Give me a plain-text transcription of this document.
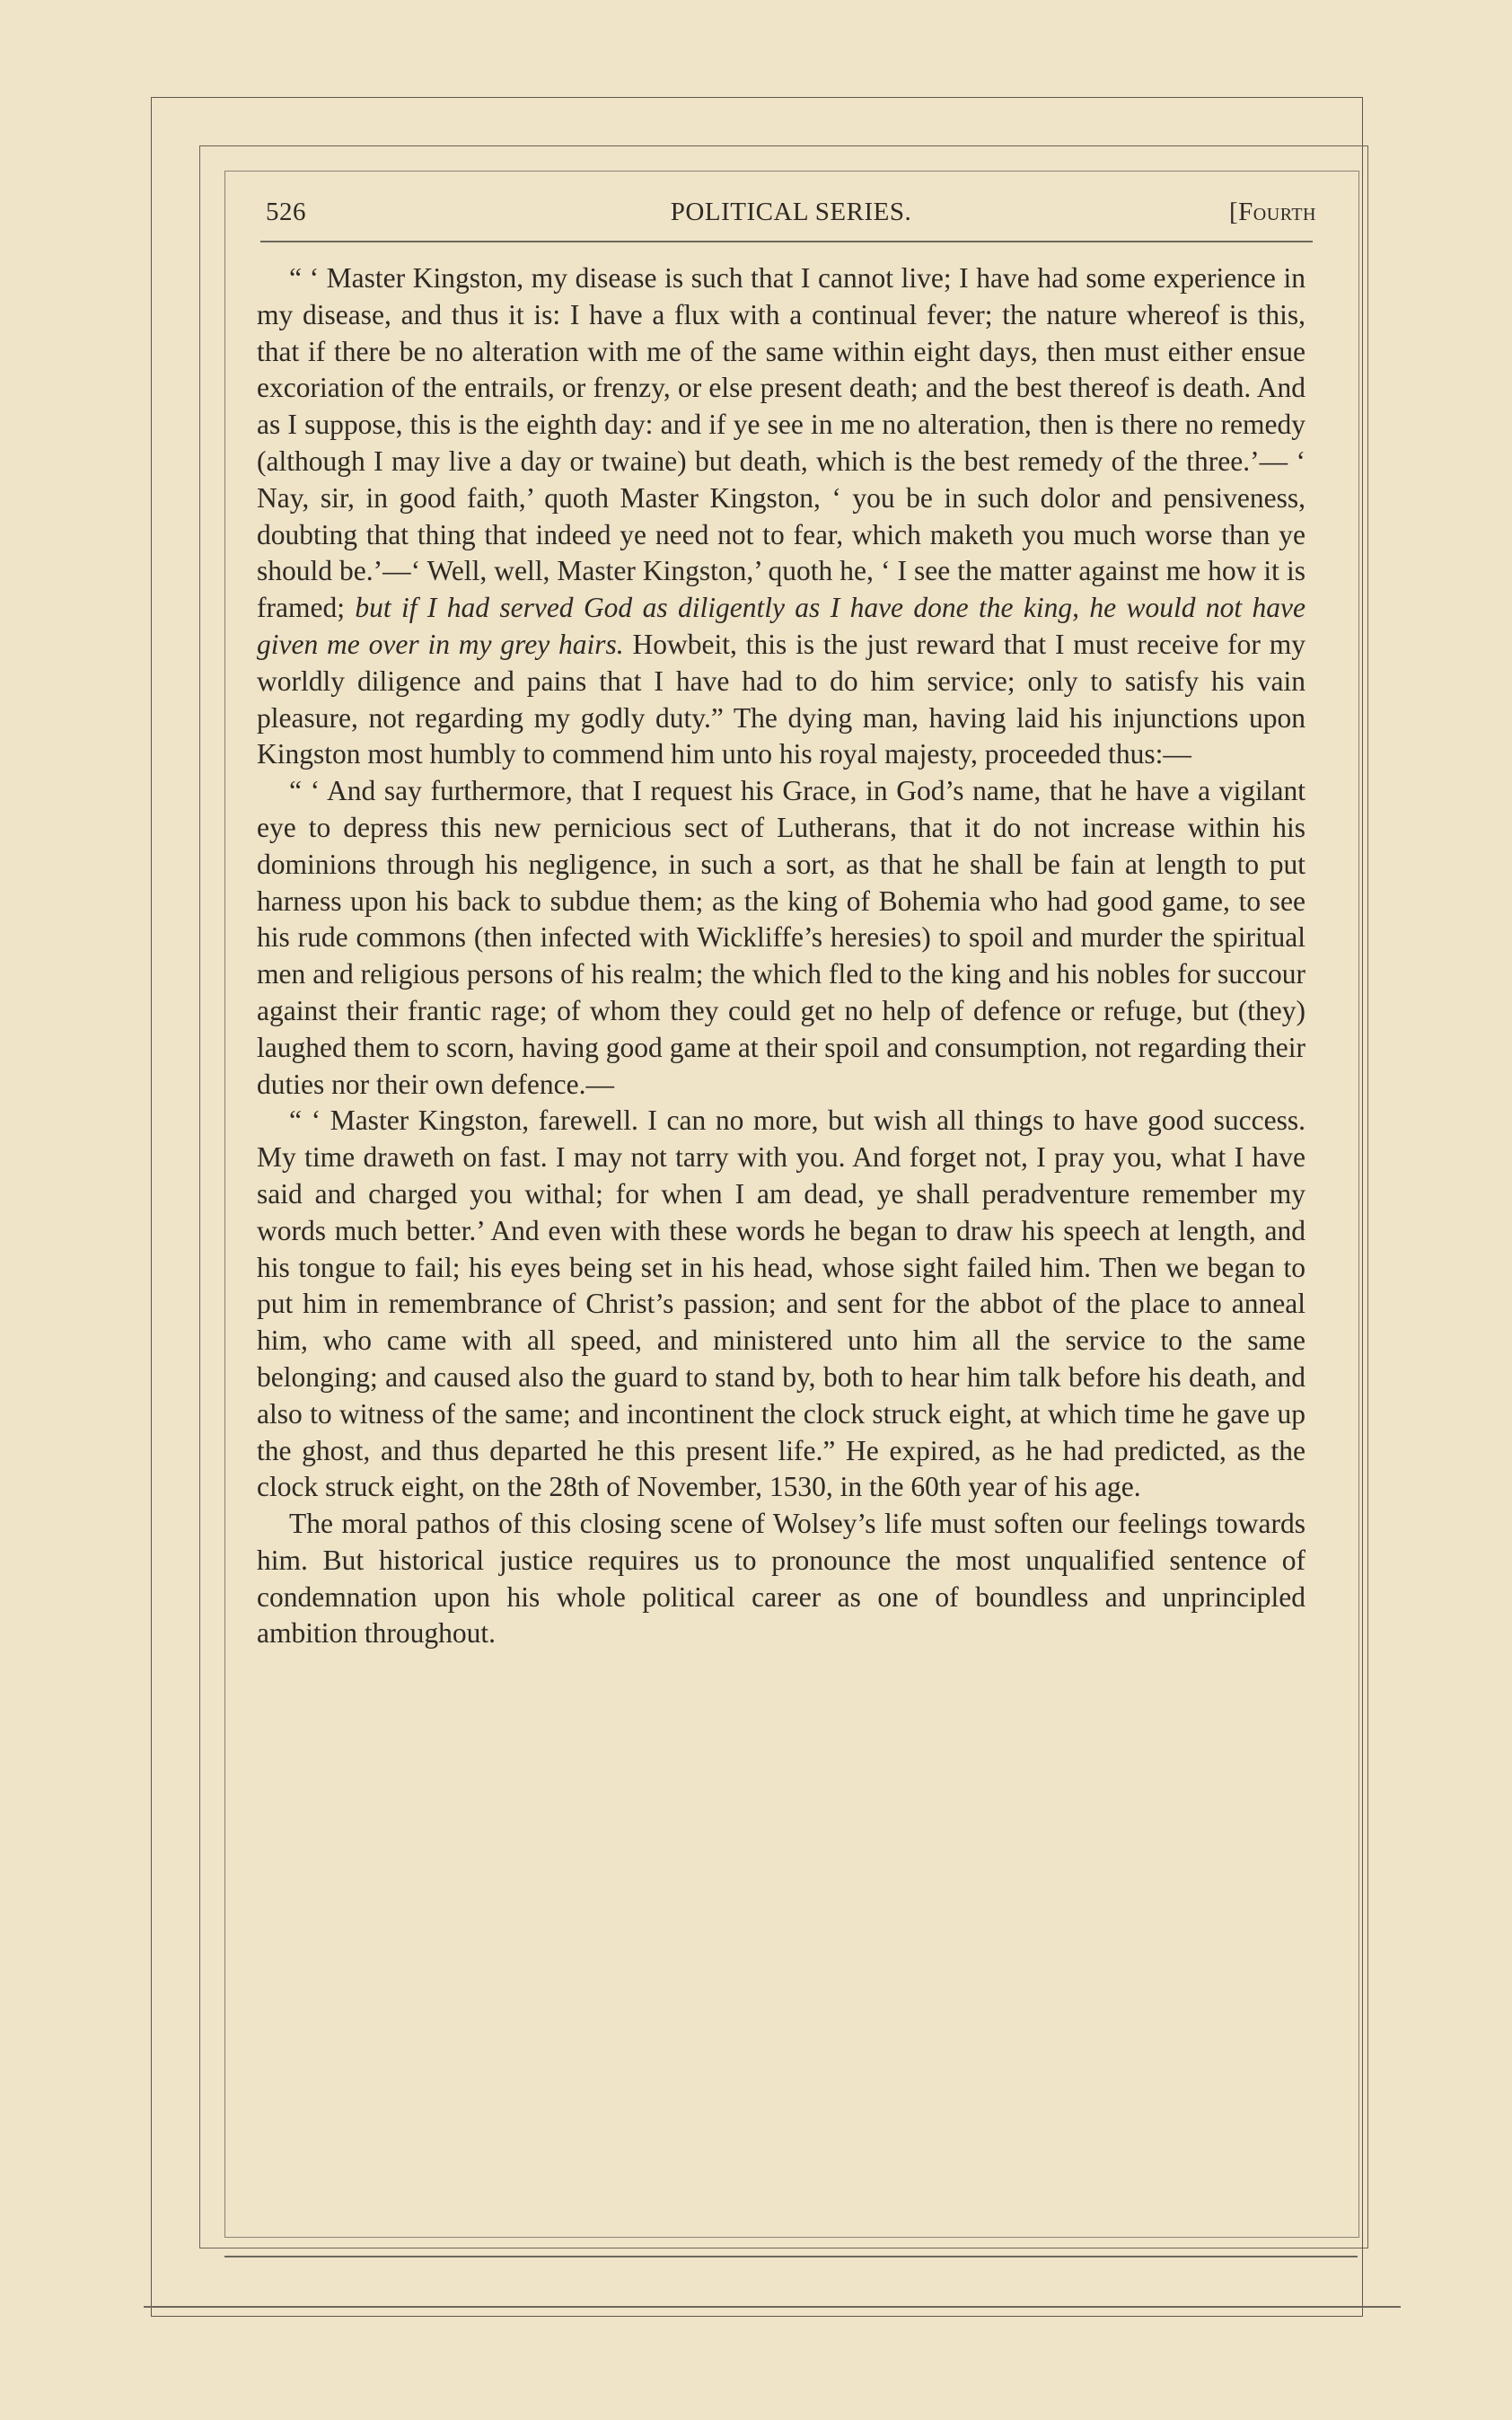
526	POLITICAL SERIES.	[Fourth

“ ‘ Master Kingston, my disease is such that I cannot live; I have had some experience in my disease, and thus it is: I have a flux with a continual fever; the nature whereof is this, that if there be no alteration with me of the same within eight days, then must either ensue excoriation of the entrails, or frenzy, or else present death; and the best thereof is death. And as I suppose, this is the eighth day: and if ye see in me no alteration, then is there no remedy (although I may live a day or twaine) but death, which is the best remedy of the three.’— ‘ Nay, sir, in good faith,’ quoth Master Kingston, ‘ you be in such dolor and pensiveness, doubting that thing that indeed ye need not to fear, which maketh you much worse than ye should be.’—‘ Well, well, Master Kingston,’ quoth he, ‘ I see the matter against me how it is framed; but if I had served God as diligently as I have done the king, he would not have given me over in my grey hairs. Howbeit, this is the just reward that I must receive for my worldly diligence and pains that I have had to do him service; only to satisfy his vain pleasure, not regarding my godly duty.” The dying man, having laid his injunctions upon Kingston most humbly to commend him unto his royal majesty, proceeded thus:—

“ ‘ And say furthermore, that I request his Grace, in God’s name, that he have a vigilant eye to depress this new pernicious sect of Lutherans, that it do not increase within his dominions through his negligence, in such a sort, as that he shall be fain at length to put harness upon his back to subdue them; as the king of Bohemia who had good game, to see his rude commons (then infected with Wickliffe’s heresies) to spoil and murder the spiritual men and religious persons of his realm; the which fled to the king and his nobles for succour against their frantic rage; of whom they could get no help of defence or refuge, but (they) laughed them to scorn, having good game at their spoil and consumption, not regarding their duties nor their own defence.—

“ ‘ Master Kingston, farewell. I can no more, but wish all things to have good success. My time draweth on fast. I may not tarry with you. And forget not, I pray you, what I have said and charged you withal; for when I am dead, ye shall peradventure remember my words much better.’ And even with these words he began to draw his speech at length, and his tongue to fail; his eyes being set in his head, whose sight failed him. Then we began to put him in remembrance of Christ’s passion; and sent for the abbot of the place to anneal him, who came with all speed, and ministered unto him all the service to the same belonging; and caused also the guard to stand by, both to hear him talk before his death, and also to witness of the same; and incontinent the clock struck eight, at which time he gave up the ghost, and thus departed he this present life.” He expired, as he had predicted, as the clock struck eight, on the 28th of November, 1530, in the 60th year of his age.

The moral pathos of this closing scene of Wolsey’s life must soften our feelings towards him. But historical justice requires us to pronounce the most unqualified sentence of condemnation upon his whole political career as one of boundless and unprincipled ambition throughout.
